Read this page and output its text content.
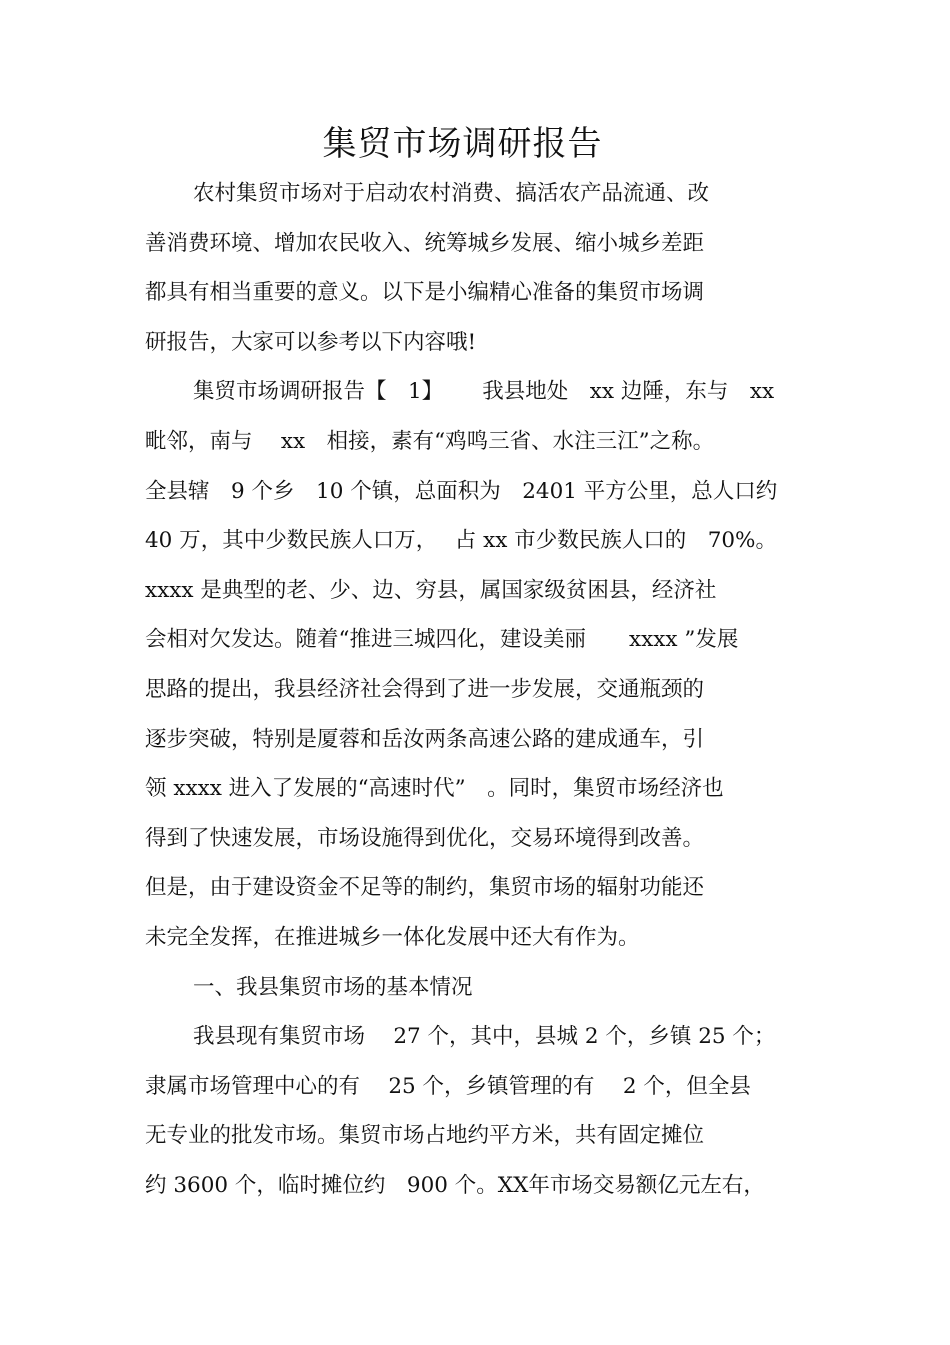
集贸市场调研报告
农村集贸市场对于启动农村消费、搞活农产品流通、改
善消费环境、增加农民收入、统筹城乡发展、缩小城乡差距
都具有相当重要的意义。以下是小编精心准备的集贸市场调
研报告，大家可以参考以下内容哦!
集贸市场调研报告【　1】　　 我县地处　xx 边陲，东与　xx
毗邻，南与　 xx　相接，素有“鸡鸣三省、水注三江”之称。
全县辖　9 个乡　10 个镇，总面积为　2401 平方公里，总人口约
40 万，其中少数民族人口万，　 占 xx 市少数民族人口的　70%。
xxxx 是典型的老、少、边、穷县，属国家级贫困县，经济社
会相对欠发达。随着“推进三城四化，建设美丽　　xxxx ”发展
思路的提出，我县经济社会得到了进一步发展，交通瓶颈的
逐步突破，特别是厦蓉和岳汝两条高速公路的建成通车，引
领 xxxx 进入了发展的“高速时代”　。同时，集贸市场经济也
得到了快速发展，市场设施得到优化，交易环境得到改善。
但是，由于建设资金不足等的制约，集贸市场的辐射功能还
未完全发挥，在推进城乡一体化发展中还大有作为。
一、我县集贸市场的基本情况
我县现有集贸市场　 27 个，其中，县城 2 个，乡镇 25 个；
隶属市场管理中心的有　 25 个，乡镇管理的有　 2 个，但全县
无专业的批发市场。集贸市场占地约平方米，共有固定摊位
约 3600 个，临时摊位约　900 个。XX年市场交易额亿元左右，
